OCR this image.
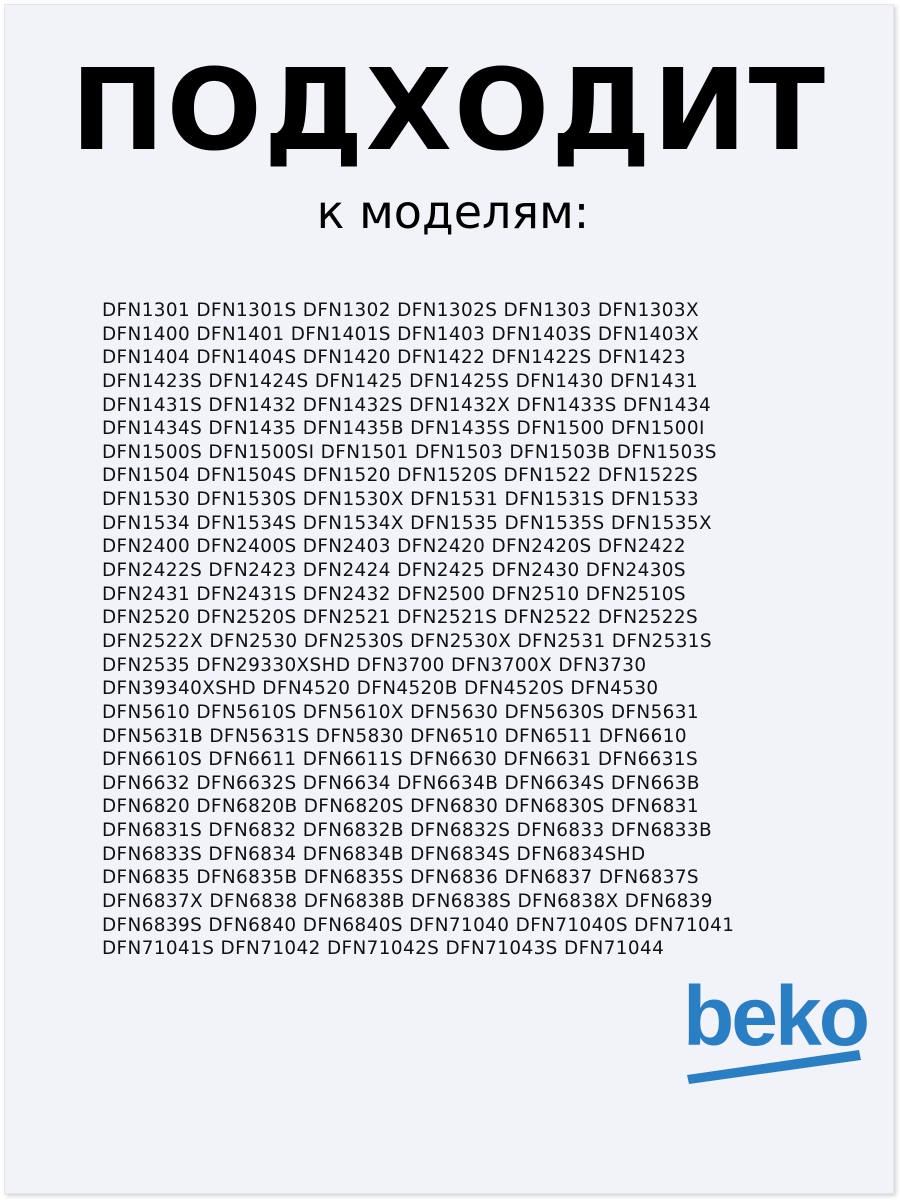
ПОДХОДИТ
к моделям:
DFN1301 DFN1301S DFN1302 DFN1302S DFN1303 DFN1303X
DFN1400 DFN1401 DFN1401S DFN1403 DFN1403S DFN1403X
DFN1404 DFN1404S DFN1420 DFN1422 DFN1422S DFN1423
DFN1423S DFN1424S DFN1425 DFN1425S DFN1430 DFN1431
DFN1431S DFN1432 DFN1432S DFN1432X DFN1433S DFN1434
DFN1434S DFN1435 DFN1435B DFN1435S DFN1500 DFN1500I
DFN1500S DFN1500SI DFN1501 DFN1503 DFN1503B DFN1503S
DFN1504 DFN1504S DFN1520 DFN1520S DFN1522 DFN1522S
DFN1530 DFN1530S DFN1530X DFN1531 DFN1531S DFN1533
DFN1534 DFN1534S DFN1534X DFN1535 DFN1535S DFN1535X
DFN2400 DFN2400S DFN2403 DFN2420 DFN2420S DFN2422
DFN2422S DFN2423 DFN2424 DFN2425 DFN2430 DFN2430S
DFN2431 DFN2431S DFN2432 DFN2500 DFN2510 DFN2510S
DFN2520 DFN2520S DFN2521 DFN2521S DFN2522 DFN2522S
DFN2522X DFN2530 DFN2530S DFN2530X DFN2531 DFN2531S
DFN2535 DFN29330XSHD DFN3700 DFN3700X DFN3730
DFN39340XSHD DFN4520 DFN4520B DFN4520S DFN4530
DFN5610 DFN5610S DFN5610X DFN5630 DFN5630S DFN5631
DFN5631B DFN5631S DFN5830 DFN6510 DFN6511 DFN6610
DFN6610S DFN6611 DFN6611S DFN6630 DFN6631 DFN6631S
DFN6632 DFN6632S DFN6634 DFN6634B DFN6634S DFN663B
DFN6820 DFN6820B DFN6820S DFN6830 DFN6830S DFN6831
DFN6831S DFN6832 DFN6832B DFN6832S DFN6833 DFN6833B
DFN6833S DFN6834 DFN6834B DFN6834S DFN6834SHD
DFN6835 DFN6835B DFN6835S DFN6836 DFN6837 DFN6837S
DFN6837X DFN6838 DFN6838B DFN6838S DFN6838X DFN6839
DFN6839S DFN6840 DFN6840S DFN71040 DFN71040S DFN71041
DFN71041S DFN71042 DFN71042S DFN71043S DFN71044
beko
